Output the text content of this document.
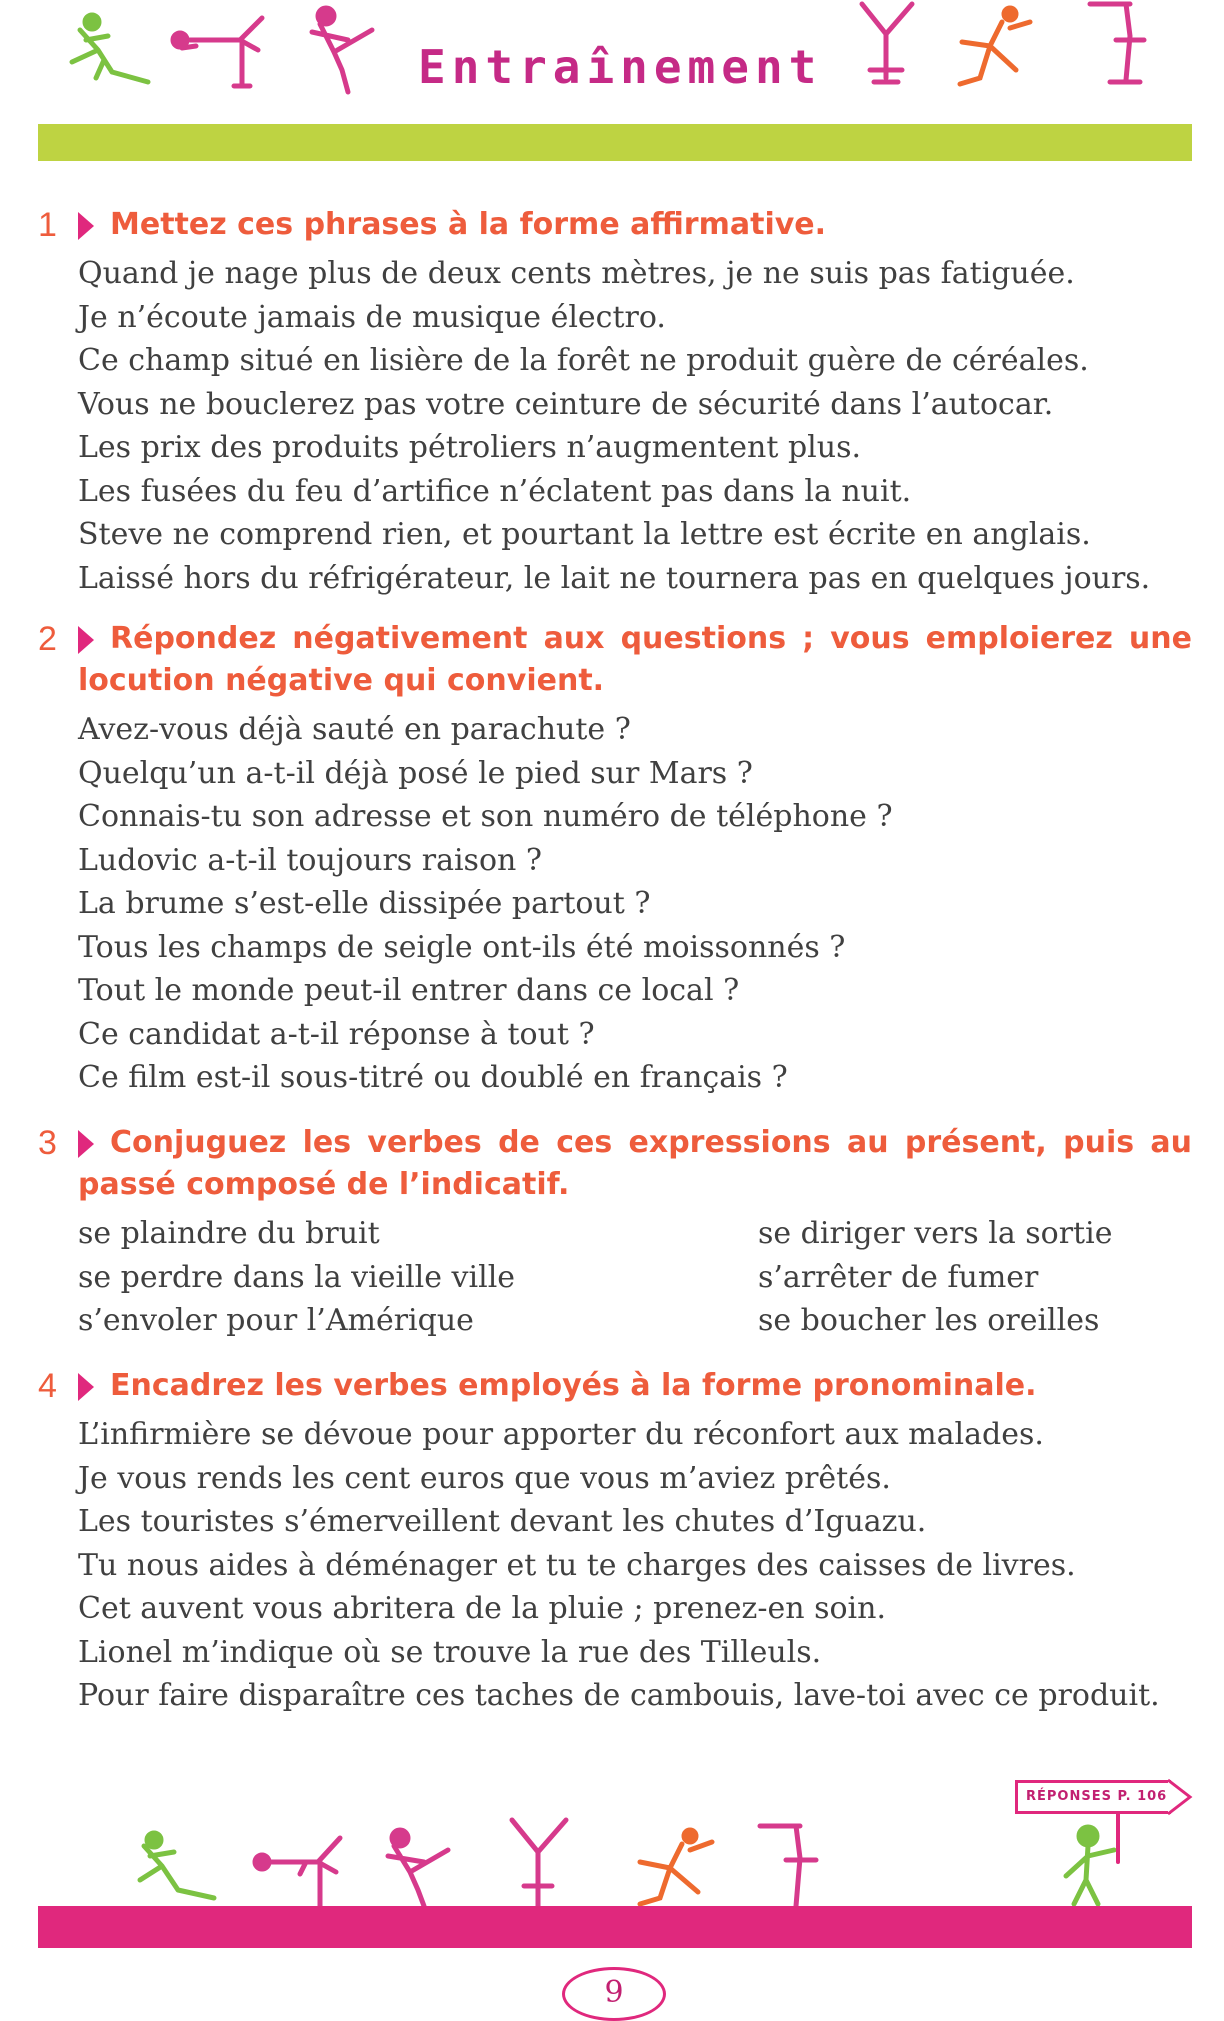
Entraînement
1	Mettez ces phrases à la forme affirmative.

Quand je nage plus de deux cents mètres, je ne suis pas fatiguée.
Je n’écoute jamais de musique électro.
Ce champ situé en lisière de la forêt ne produit guère de céréales.
Vous ne bouclerez pas votre ceinture de sécurité dans l’autocar.
Les prix des produits pétroliers n’augmentent plus.
Les fusées du feu d’artifice n’éclatent pas dans la nuit.
Steve ne comprend rien, et pourtant la lettre est écrite en anglais.
Laissé hors du réfrigérateur, le lait ne tournera pas en quelques jours.
2	Répondez négativement aux questions ; vous emploierez une locution négative qui convient.

Avez-vous déjà sauté en parachute ?
Quelqu’un a-t-il déjà posé le pied sur Mars ?
Connais-tu son adresse et son numéro de téléphone ?
Ludovic a-t-il toujours raison ?
La brume s’est-elle dissipée partout ?
Tous les champs de seigle ont-ils été moissonnés ?
Tout le monde peut-il entrer dans ce local ?
Ce candidat a-t-il réponse à tout ?
Ce film est-il sous-titré ou doublé en français ?
3	Conjuguez les verbes de ces expressions au présent, puis au passé composé de l’indicatif.

se plaindre du bruit
se perdre dans la vieille ville
s’envoler pour l’Amérique
se diriger vers la sortie
s’arrêter de fumer
se boucher les oreilles
4	Encadrez les verbes employés à la forme pronominale.

L’infirmière se dévoue pour apporter du réconfort aux malades.
Je vous rends les cent euros que vous m’aviez prêtés.
Les touristes s’émerveillent devant les chutes d’Iguazu.
Tu nous aides à déménager et tu te charges des caisses de livres.
Cet auvent vous abritera de la pluie ; prenez-en soin.
Lionel m’indique où se trouve la rue des Tilleuls.
Pour faire disparaître ces taches de cambouis, lave-toi avec ce produit.
RÉPONSES P. 106
9
